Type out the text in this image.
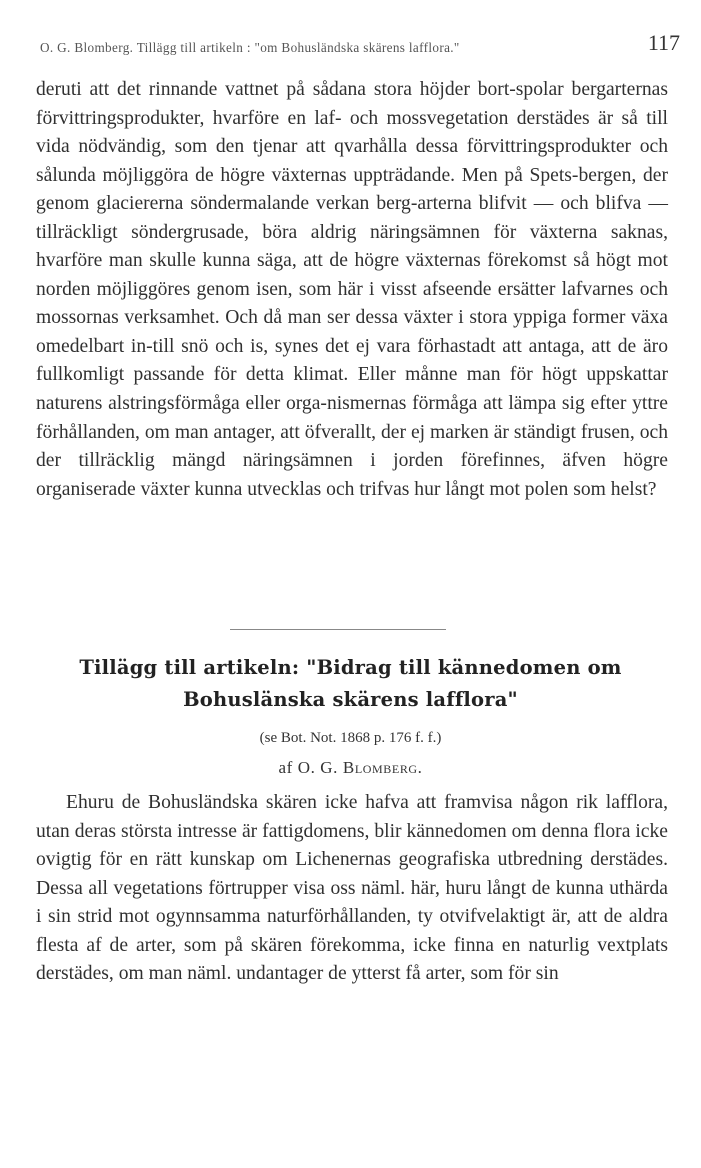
O. G. Blomberg. Tillägg till artikeln : "om Bohusländska skärens lafflora."	117

deruti att det rinnande vattnet på sådana stora höjder bort-spolar bergarternas förvittringsprodukter, hvarföre en laf- och mossvegetation derstädes är så till vida nödvändig, som den tjenar att qvarhålla dessa förvittringsprodukter och sålunda möjliggöra de högre växternas uppträdande. Men på Spets-bergen, der genom glaciererna söndermalande verkan berg-arterna blifvit — och blifva — tillräckligt söndergrusade, böra aldrig näringsämnen för växterna saknas, hvarföre man skulle kunna säga, att de högre växternas förekomst så högt mot norden möjliggöres genom isen, som här i visst afseende ersätter lafvarnes och mossornas verksamhet. Och då man ser dessa växter i stora yppiga former växa omedelbart in-till snö och is, synes det ej vara förhastadt att antaga, att de äro fullkomligt passande för detta klimat. Eller månne man för högt uppskattar naturens alstringsförmåga eller orga-nismernas förmåga att lämpa sig efter yttre förhållanden, om man antager, att öfverallt, der ej marken är ständigt frusen, och der tillräcklig mängd näringsämnen i jorden förefinnes, äfven högre organiserade växter kunna utvecklas och trifvas hur långt mot polen som helst?

Tillägg till artikeln: "Bidrag till kännedomen om

Bohuslänska skärens lafflora"

(se Bot. Not. 1868 p. 176 f. f.)
af O. G. Blomberg.

Ehuru de Bohusländska skären icke hafva att framvisa någon rik lafflora, utan deras största intresse är fattigdomens, blir kännedomen om denna flora icke ovigtig för en rätt kunskap om Lichenernas geografiska utbredning derstädes. Dessa all vegetations förtrupper visa oss näml. här, huru långt de kunna uthärda i sin strid mot ogynnsamma naturförhållanden, ty otvifvelaktigt är, att de aldra flesta af de arter, som på skären förekomma, icke finna en naturlig vextplats derstädes, om man näml. undantager de ytterst få arter, som för sin
